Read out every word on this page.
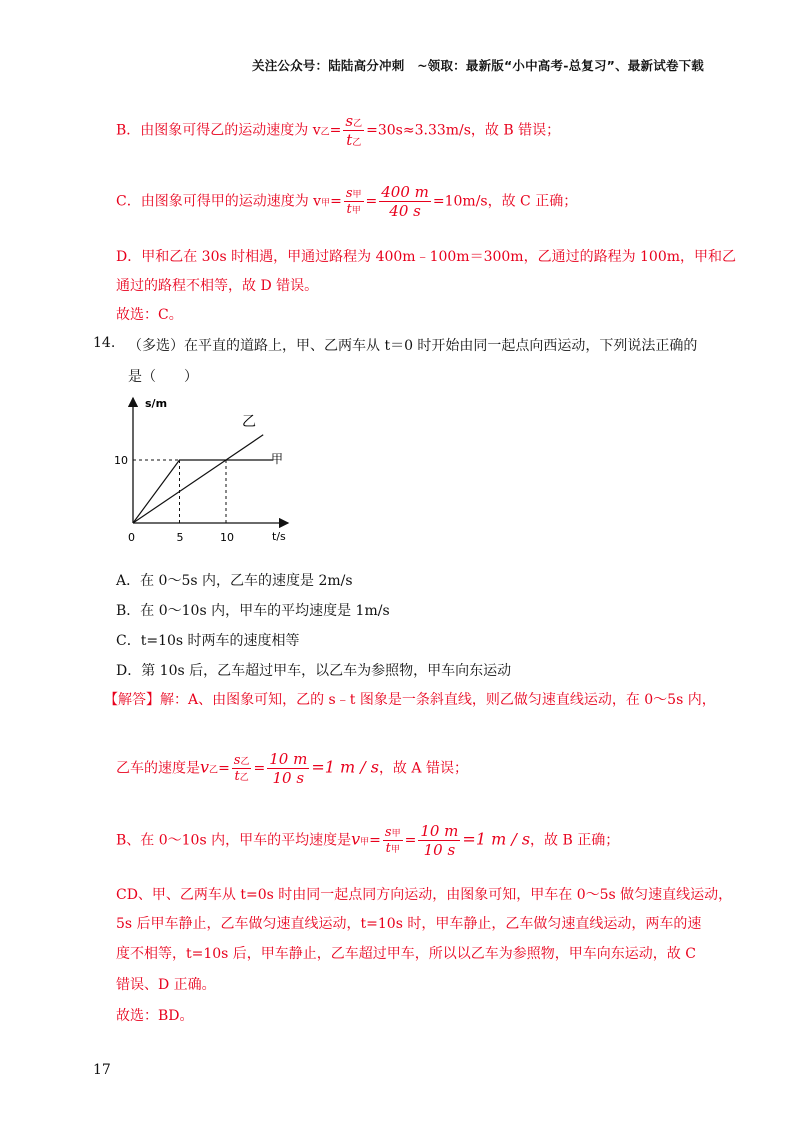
关注公众号：陆陆高分冲刺　~领取：最新版“小中高考-总复习”、最新试卷下载
B．由图象可得乙的运动速度为 v乙= $\frac{\text{s乙}}{\text{t乙}} =30s\approx 3.33m/s$，故 B 错误；
C．由图象可得甲的运动速度为 v甲= $\frac{\text{s甲}}{\text{t甲}} = \frac{400 m}{40 s} =10m/s$，故 C 正确；
D．甲和乙在 30s 时相遇，甲通过路程为 400m﹣100m＝300m，乙通过的路程为 100m，甲和乙
通过的路程不相等，故 D 错误。
故选：C。
14. （多选）在平直的道路上，甲、乙两车从 t＝0 时开始由同一起点向西运动，下列说法正确的
是（　　）
s/m
t/s
0	5	10
10
乙
甲
A．在 0～5s 内，乙车的速度是 2m/s
B．在 0～10s 内，甲车的平均速度是 1m/s
C．t=10s 时两车的速度相等
D．第 10s 后，乙车超过甲车，以乙车为参照物，甲车向东运动
【解答】解：A、由图象可知，乙的 s﹣t 图象是一条斜直线，则乙做匀速直线运动，在 0～5s 内，
乙车的速度是v乙= $\frac{\text{s乙}}{\text{t乙}} = \frac{10 m}{10 s} =1$ m / s，故 A 错误；
B、在 0～10s 内，甲车的平均速度是v甲= $\frac{\text{s甲}}{\text{t甲}} = \frac{10 m}{10 s} =1$ m / s，故 B 正确；
CD、甲、乙两车从 t=0s 时由同一起点同方向运动，由图象可知，甲车在 0～5s 做匀速直线运动，
5s 后甲车静止，乙车做匀速直线运动，t=10s 时，甲车静止，乙车做匀速直线运动，两车的速
度不相等，t=10s 后，甲车静止，乙车超过甲车，所以以乙车为参照物，甲车向东运动，故 C
错误、D 正确。
故选：BD。
17
